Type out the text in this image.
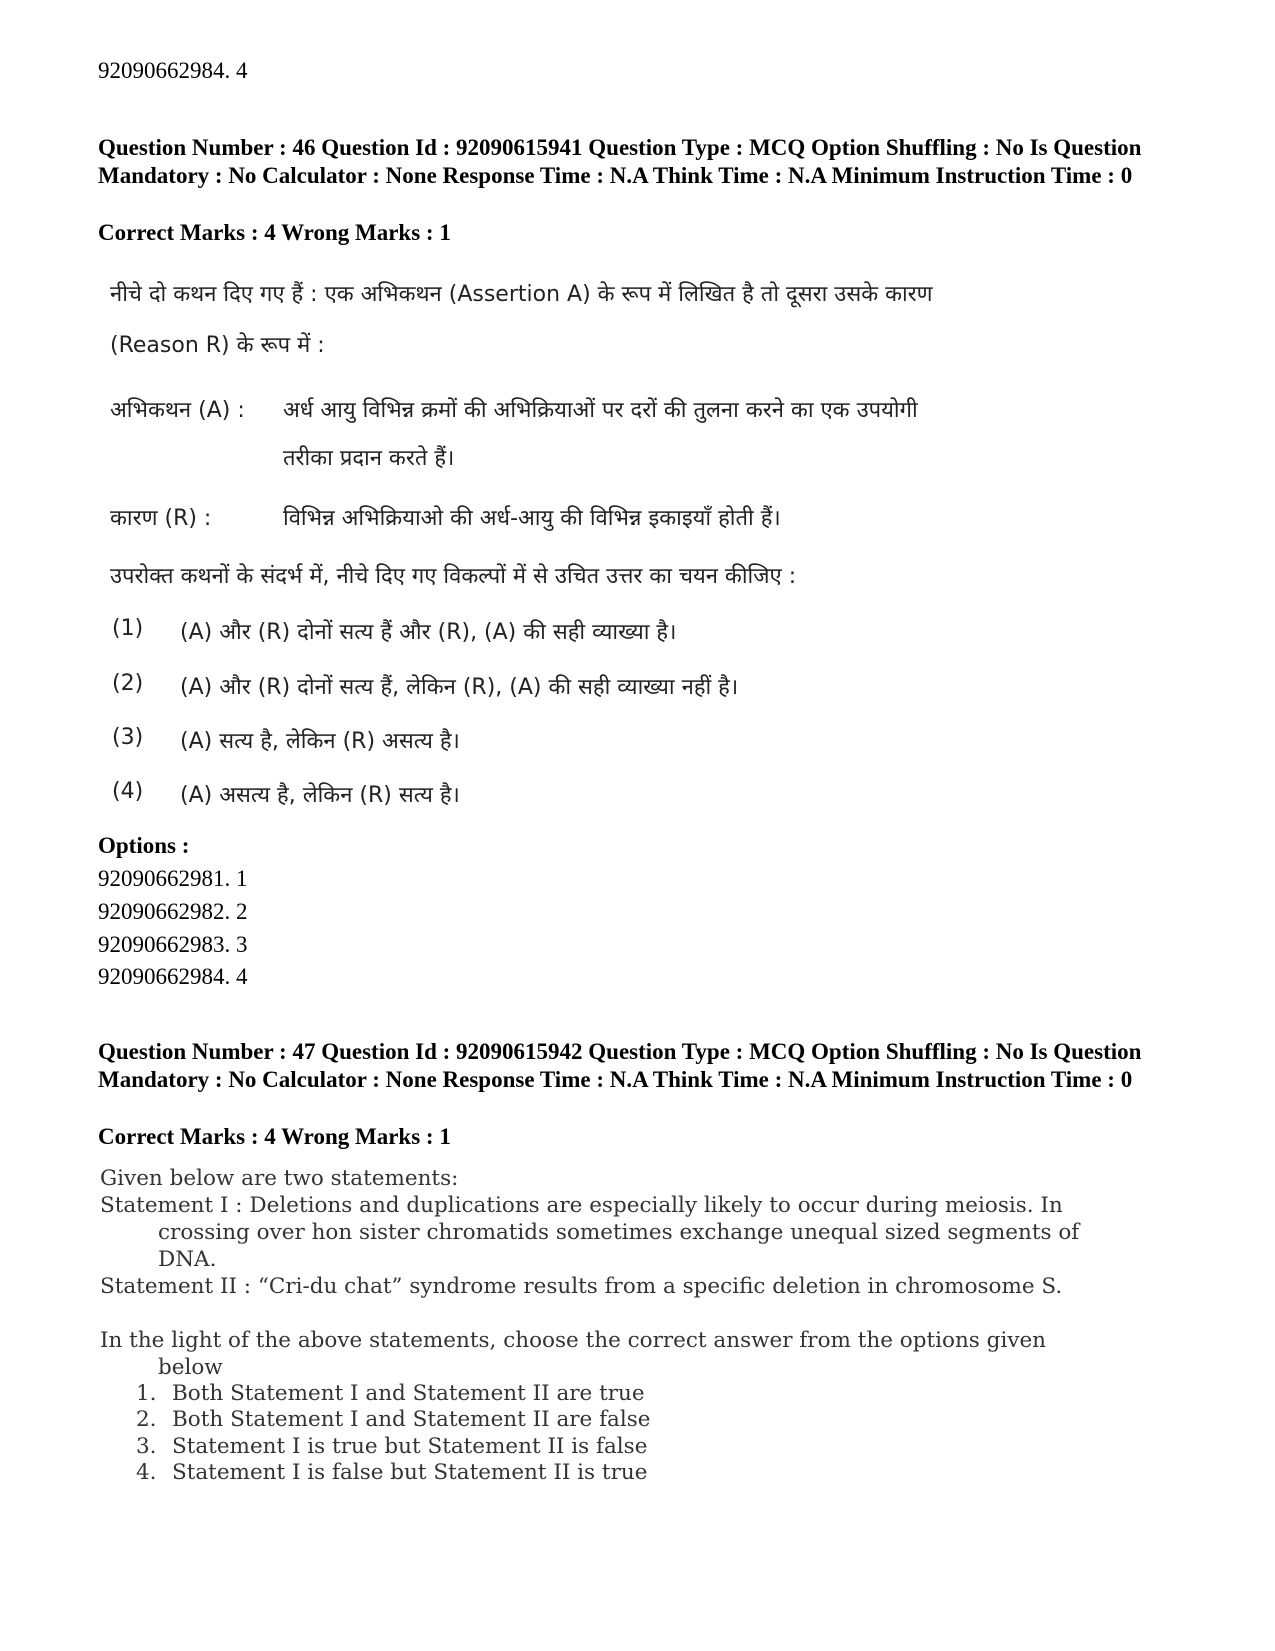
92090662984. 4
Question Number : 46 Question Id : 92090615941 Question Type : MCQ Option Shuffling : No Is Question Mandatory : No Calculator : None Response Time : N.A Think Time : N.A Minimum Instruction Time : 0
Correct Marks : 4 Wrong Marks : 1
नीचे दो कथन दिए गए हैं : एक अभिकथन (Assertion A) के रूप में लिखित है तो दूसरा उसके कारण
(Reason R) के रूप में :
अभिकथन (A) : अर्ध आयु विभिन्न क्रमों की अभिक्रियाओं पर दरों की तुलना करने का एक उपयोगी
तरीका प्रदान करते हैं।
कारण (R) :	विभिन्न अभिक्रियाओ की अर्ध-आयु की विभिन्न इकाइयाँ होती हैं।
उपरोक्त कथनों के संदर्भ में, नीचे दिए गए विकल्पों में से उचित उत्तर का चयन कीजिए :
(1) (A) और (R) दोनों सत्य हैं और (R), (A) की सही व्याख्या है।
(2) (A) और (R) दोनों सत्य हैं, लेकिन (R), (A) की सही व्याख्या नहीं है।
(3) (A) सत्य है, लेकिन (R) असत्य है।
(4) (A) असत्य है, लेकिन (R) सत्य है।
Options :
92090662981. 1
92090662982. 2
92090662983. 3
92090662984. 4
Question Number : 47 Question Id : 92090615942 Question Type : MCQ Option Shuffling : No Is Question Mandatory : No Calculator : None Response Time : N.A Think Time : N.A Minimum Instruction Time : 0
Correct Marks : 4 Wrong Marks : 1
Given below are two statements:
Statement I : Deletions and duplications are especially likely to occur during meiosis. In
crossing over hon sister chromatids sometimes exchange unequal sized segments of
DNA.
Statement II : “Cri-du chat” syndrome results from a specific deletion in chromosome S.
In the light of the above statements, choose the correct answer from the options given
below
1. Both Statement I and Statement II are true
2. Both Statement I and Statement II are false
3. Statement I is true but Statement II is false
4. Statement I is false but Statement II is true
